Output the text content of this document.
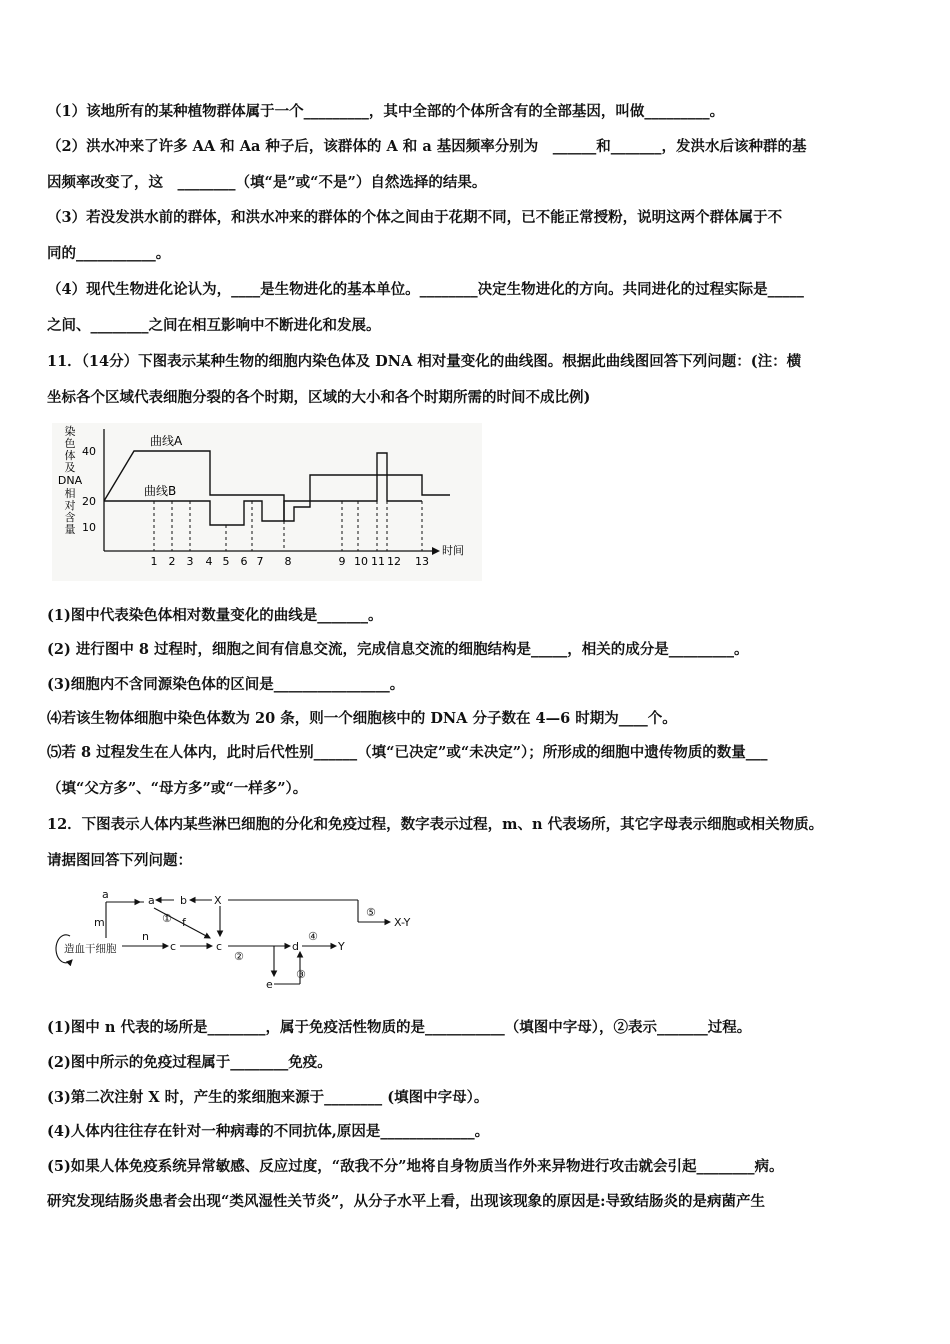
（1）该地所有的某种植物群体属于一个_________，其中全部的个体所含有的全部基因，叫做_________。
（2）洪水冲来了许多 AA 和 Aa 种子后，该群体的 A 和 a 基因频率分别为　______和_______，发洪水后该种群的基
因频率改变了，这　________（填“是”或“不是”）自然选择的结果。
（3）若没发洪水前的群体，和洪水冲来的群体的个体之间由于花期不同，已不能正常授粉，说明这两个群体属于不
同的___________。
（4）现代生物进化论认为，____是生物进化的基本单位。________决定生物进化的方向。共同进化的过程实际是_____
之间、________之间在相互影响中不断进化和发展。
11．（14分）下图表示某种生物的细胞内染色体及 DNA 相对量变化的曲线图。根据此曲线图回答下列问题：(注：横
坐标各个区域代表细胞分裂的各个时期，区域的大小和各个时期所需的时间不成比例)
染色体及 DNA 相对含量
时间
10
20
40
曲线A
曲线B
1 2 3 4 5 6 7 8	9 10 11 12 13
(1)图中代表染色体相对数量变化的曲线是_______。
(2) 进行图中 8 过程时，细胞之间有信息交流，完成信息交流的细胞结构是_____，相关的成分是_________。
(3)细胞内不含同源染色体的区间是________________。
⑷若该生物体细胞中染色体数为 20 条，则一个细胞核中的 DNA 分子数在 4—6 时期为____个。
⑸若 8 过程发生在人体内，此时后代性别______（填“已决定”或“未决定”）；所形成的细胞中遗传物质的数量___
（填“父方多”、“母方多”或“一样多”）。
12．下图表示人体内某些淋巴细胞的分化和免疫过程，数字表示过程，m、n 代表场所，其它字母表示细胞或相关物质。
请据图回答下列问题：
造血干细胞
a	a b X
c	c	d	Y
e
X-Y
m
n
f
①
②
③
④
⑤
(1)图中 n 代表的场所是________，属于免疫活性物质的是___________（填图中字母），②表示_______过程。
(2)图中所示的免疫过程属于________免疫。
(3)第二次注射 X 时，产生的浆细胞来源于________ (填图中字母）。
(4)人体内往往存在针对一种病毒的不同抗体,原因是_____________。
(5)如果人体免疫系统异常敏感、反应过度，“敌我不分”地将自身物质当作外来异物进行攻击就会引起________病。
研究发现结肠炎患者会出现“类风湿性关节炎”，从分子水平上看，出现该现象的原因是:导致结肠炎的是病菌产生
